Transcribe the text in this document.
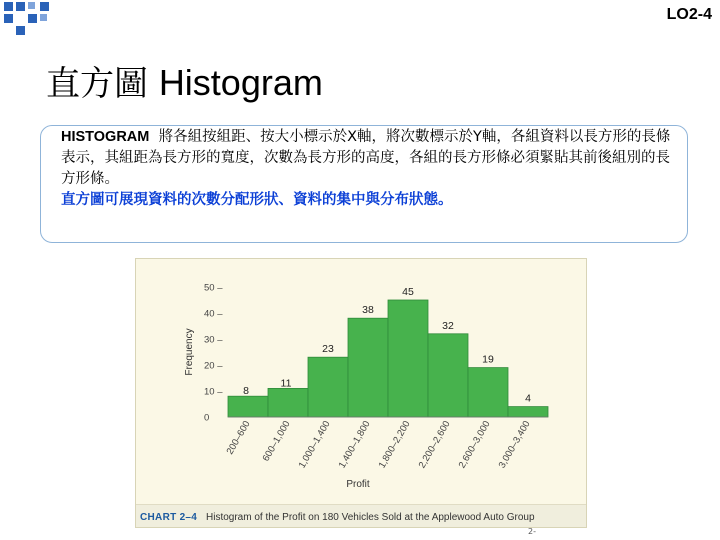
LO2-4
直方圖 Histogram
HISTOGRAM 將各組按組距、按大小標示於X軸，將次數標示於Y軸，各組資料以長方形的長條表示，其組距為長方形的寬度，次數為長方形的高度，各組的長方形條必須緊貼其前後組別的長方形條。
直方圖可展現資料的次數分配形狀、資料的集中與分布狀態。
0
10 –
20 –
30 –
40 –
50 –
Frequency
8
11
23
38
45
32
19
4
200–600 600–1,000 1,000–1,400 1,400–1,800 1,800–2,200 2,200–2,600 2,600–3,000 3,000–3,400
Profit
CHART 2–4 Histogram of the Profit on 180 Vehicles Sold at the Applewood Auto Group
2-
